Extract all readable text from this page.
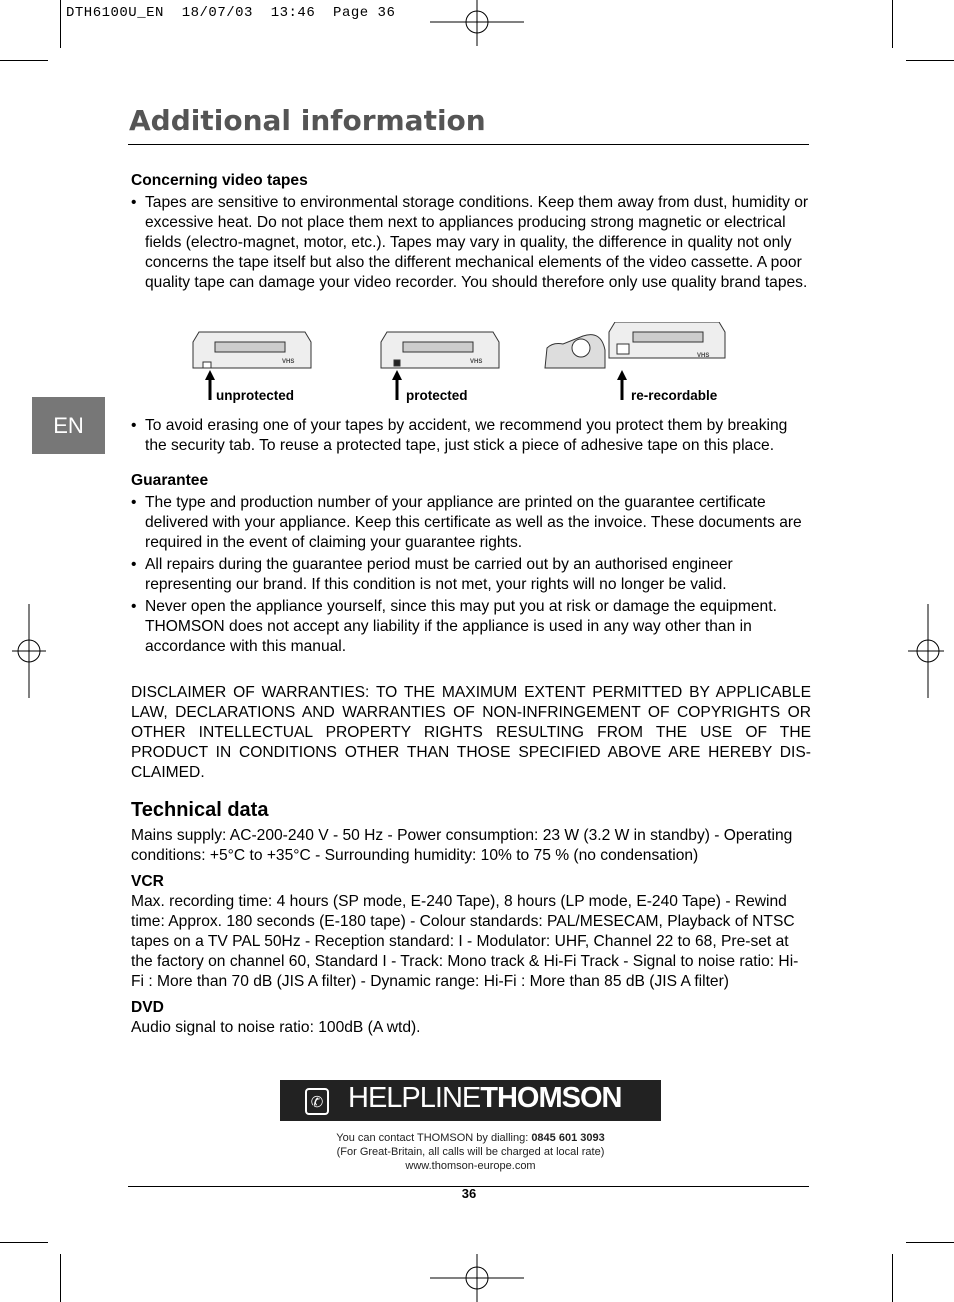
DTH6100U_EN  18/07/03  13:46  Page 36
Additional information
EN
Concerning video tapes
• Tapes are sensitive to environmental storage conditions. Keep them away from dust, humidity or excessive heat. Do not place them next to appliances producing strong magnetic or electrical fields (electro-magnet, motor, etc.). Tapes may vary in quality, the difference in quality not only concerns the tape itself but also the different mechanical elements of the video cassette. A poor quality tape can damage your video recorder. You should therefore only use quality brand tapes.
VHS	VHS
VHS
unprotected	protected	re-recordable
• To avoid erasing one of your tapes by accident, we recommend you protect them by breaking the security tab. To reuse a protected tape, just stick a piece of adhesive tape on this place.
Guarantee
• The type and production number of your appliance are printed on the guarantee certificate delivered with your appliance. Keep this certificate as well as the invoice. These documents are required in the event of claiming your guarantee rights.
• All repairs during the guarantee period must be carried out by an authorised engineer representing our brand. If this condition is not met, your rights will no longer be valid.
• Never open the appliance yourself, since this may put you at risk or damage the equipment. THOMSON does not accept any liability if the appliance is used in any way other than in accordance with this manual.
DISCLAIMER OF WARRANTIES: TO THE MAXIMUM EXTENT PERMITTED BY APPLICABLE LAW, DECLARATIONS AND WARRANTIES OF NON-INFRINGEMENT OF COPYRIGHTS OR OTHER INTELLECTUAL PROPERTY RIGHTS RESULTING FROM THE USE OF THE PRODUCT IN CONDITIONS OTHER THAN THOSE SPECIFIED ABOVE ARE HEREBY DIS-CLAIMED.
Technical data
Mains supply: AC-200-240 V - 50 Hz - Power consumption: 23 W (3.2 W in standby) - Operating conditions: +5°C to +35°C - Surrounding humidity: 10% to 75 % (no condensation)
VCR
Max. recording time: 4 hours (SP mode, E-240 Tape), 8 hours (LP mode, E-240 Tape) - Rewind time: Approx. 180 seconds (E-180 tape) - Colour standards: PAL/MESECAM, Playback of NTSC tapes on a TV PAL 50Hz - Reception standard: I - Modulator: UHF, Channel 22 to 68, Pre-set at the factory on channel 60, Standard I - Track: Mono track & Hi-Fi Track - Signal to noise ratio: Hi-Fi : More than 70 dB (JIS A filter) - Dynamic range: Hi-Fi : More than 85 dB (JIS A filter)
DVD
Audio signal to noise ratio: 100dB (A wtd).
✆ HELPLINETHOMSON
You can contact THOMSON by dialling: 0845 601 3093
(For Great-Britain, all calls will be charged at local rate)
www.thomson-europe.com
36
